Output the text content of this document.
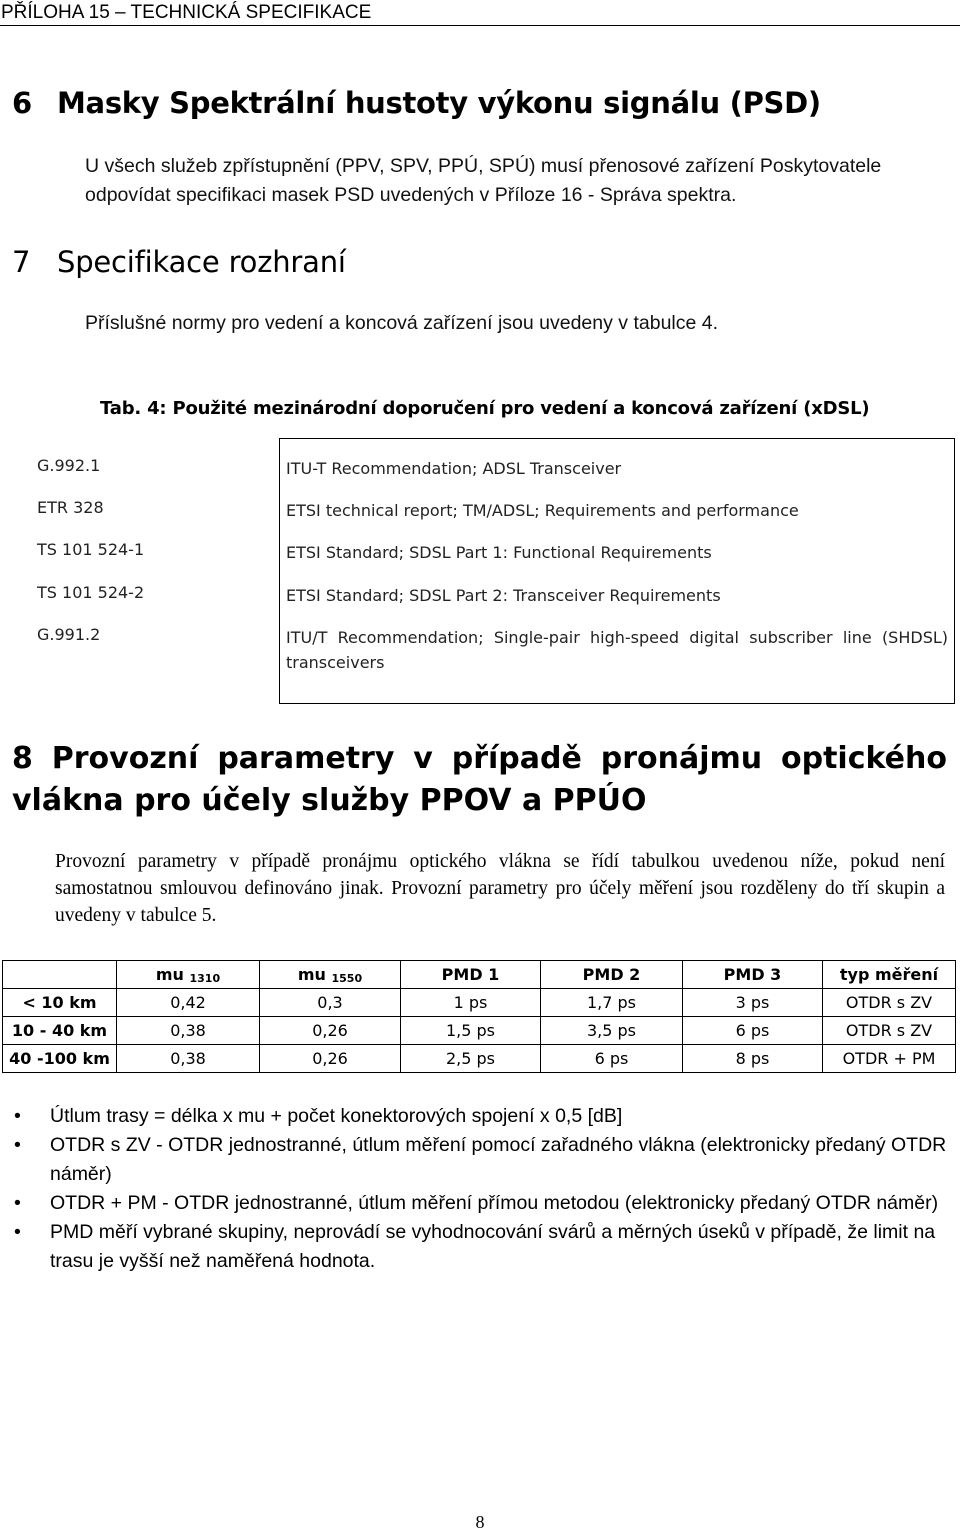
PŘÍLOHA 15 – TECHNICKÁ SPECIFIKACE
6 Masky Spektrální hustoty výkonu signálu (PSD)
U všech služeb zpřístupnění (PPV, SPV, PPÚ, SPÚ) musí přenosové zařízení Poskytovatele
odpovídat specifikaci masek PSD uvedených v Příloze 16 - Správa spektra.
7 Specifikace rozhraní
Příslušné normy pro vedení a koncová zařízení jsou uvedeny v tabulce 4.
Tab. 4: Použité mezinárodní doporučení pro vedení a koncová zařízení (xDSL)
G.992.1	ITU-T Recommendation; ADSL Transceiver
ETR 328	ETSI technical report; TM/ADSL; Requirements and performance
TS 101 524-1	ETSI Standard; SDSL Part 1: Functional Requirements
TS 101 524-2	ETSI Standard; SDSL Part 2: Transceiver Requirements
G.991.2	ITU/T Recommendation; Single-pair high-speed digital subscriber line (SHDSL) transceivers
8 Provozní parametry v případě pronájmu optického
vlákna pro účely služby PPOV a PPÚO
Provozní parametry v případě pronájmu optického vlákna se řídí tabulkou uvedenou níže, pokud není samostatnou smlouvou definováno jinak. Provozní parametry pro účely měření jsou rozděleny do tří skupin a uvedeny v tabulce 5.
	mu $_{1310}$	mu $_{1550}$	PMD 1	PMD 2	PMD 3	typ měření
< 10 km	0,42	0,3	1 ps	1,7 ps	3 ps	OTDR s ZV
10 - 40 km	0,38	0,26	1,5 ps	3,5 ps	6 ps	OTDR s ZV
40 -100 km	0,38	0,26	2,5 ps	6 ps	8 ps	OTDR + PM
• Útlum trasy = délka x mu + počet konektorových spojení x 0,5 [dB]
• OTDR s ZV - OTDR jednostranné, útlum měření pomocí zařadného vlákna (elektronicky předaný OTDR náměr)
• OTDR + PM - OTDR jednostranné, útlum měření přímou metodou (elektronicky předaný OTDR náměr)
• PMD měří vybrané skupiny, neprovádí se vyhodnocování svárů a měrných úseků v případě, že limit na trasu je vyšší než naměřená hodnota.
8
